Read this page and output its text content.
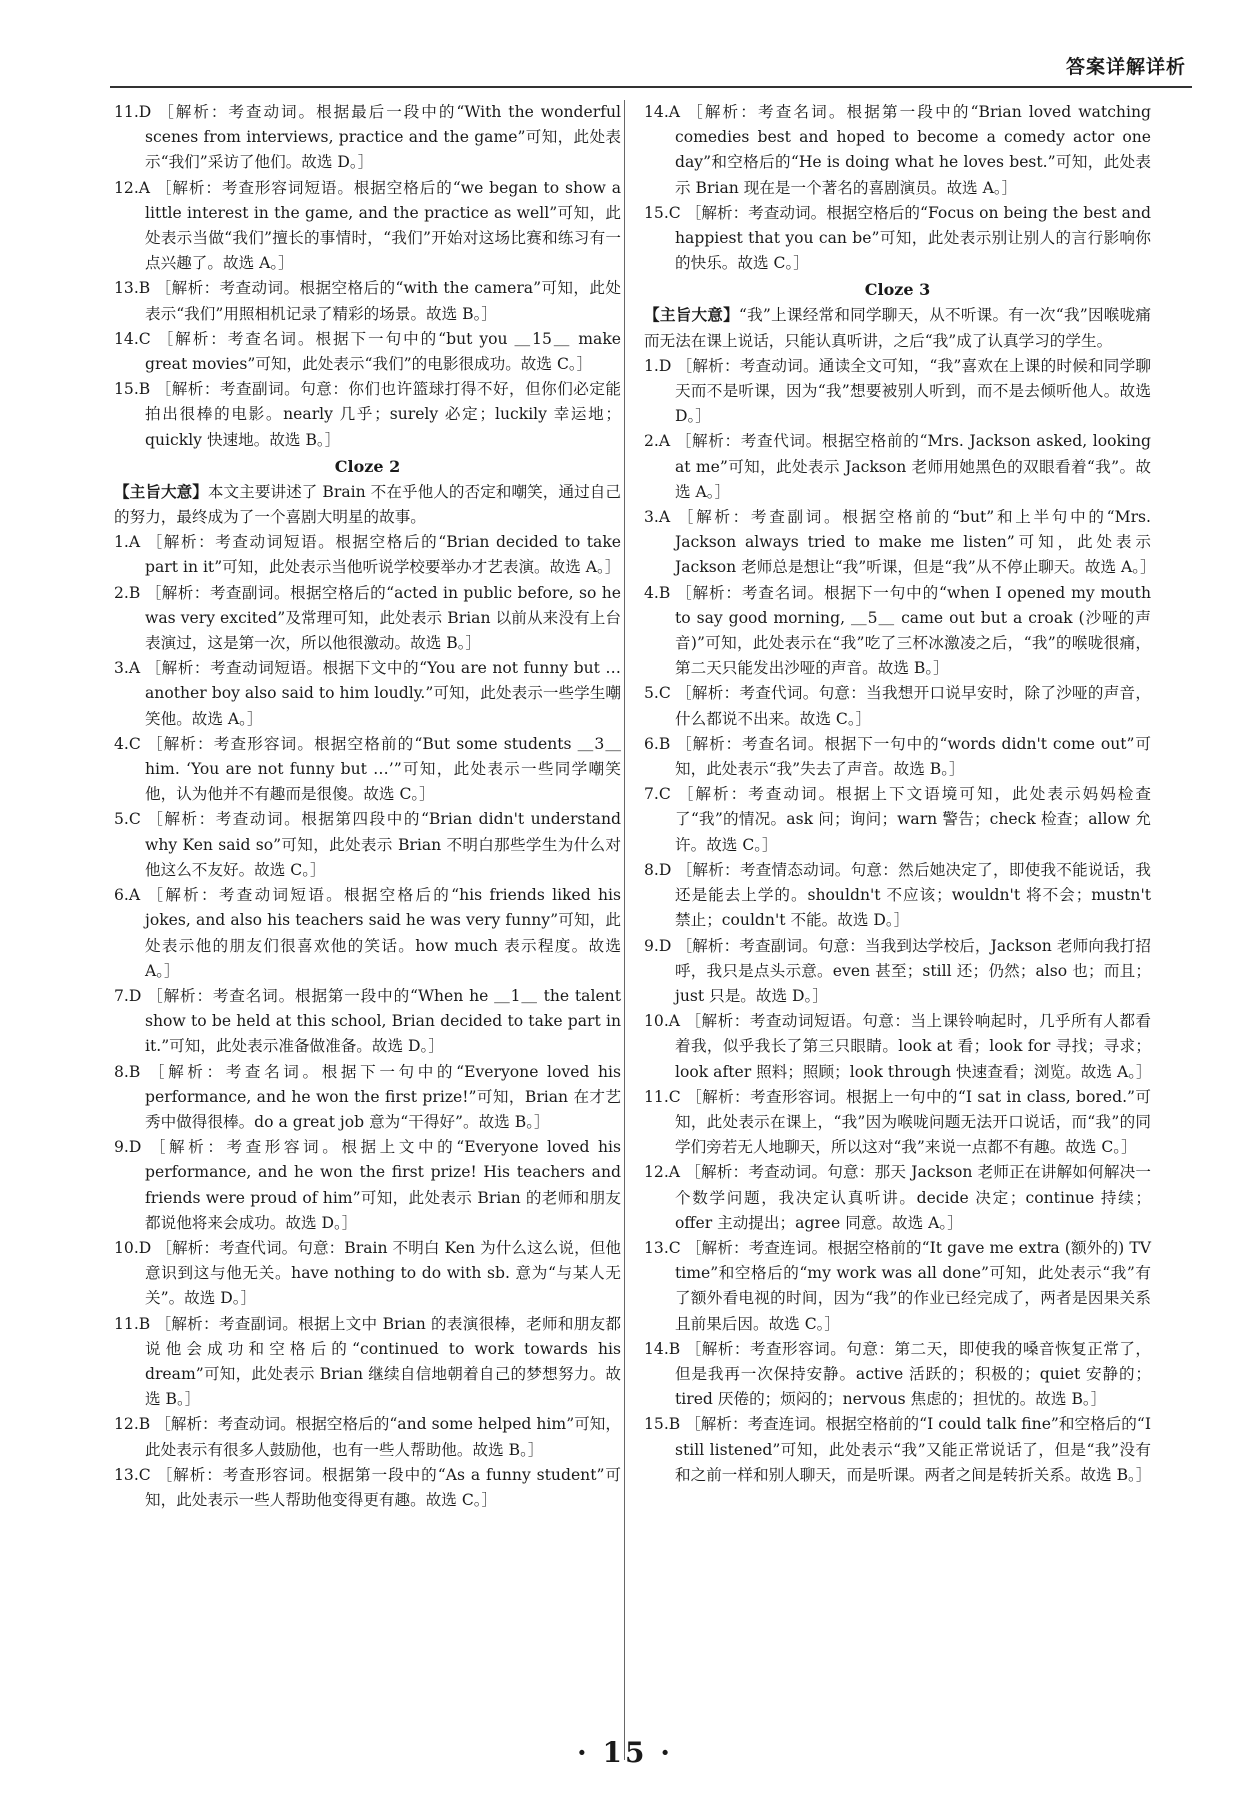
答案详解详析

11.D ［解析：考查动词。根据最后一段中的“With the wonderful scenes from interviews, practice and the game”可知，此处表示“我们”采访了他们。故选 D。］

12.A ［解析：考查形容词短语。根据空格后的“we began to show a little interest in the game, and the practice as well”可知，此处表示当做“我们”擅长的事情时，“我们”开始对这场比赛和练习有一点兴趣了。故选 A。］

13.B ［解析：考查动词。根据空格后的“with the camera”可知，此处表示“我们”用照相机记录了精彩的场景。故选 B。］

14.C ［解析：考查名词。根据下一句中的“but you ＿15＿ make great movies”可知，此处表示“我们”的电影很成功。故选 C。］

15.B ［解析：考查副词。句意：你们也许篮球打得不好，但你们必定能拍出很棒的电影。nearly 几乎；surely 必定；luckily 幸运地；quickly 快速地。故选 B。］

Cloze 2

【主旨大意】本文主要讲述了 Brain 不在乎他人的否定和嘲笑，通过自己的努力，最终成为了一个喜剧大明星的故事。

1.A ［解析：考查动词短语。根据空格后的“Brian decided to take part in it”可知，此处表示当他听说学校要举办才艺表演。故选 A。］

2.B ［解析：考查副词。根据空格后的“acted in public before, so he was very excited”及常理可知，此处表示 Brian 以前从来没有上台表演过，这是第一次，所以他很激动。故选 B。］

3.A ［解析：考查动词短语。根据下文中的“You are not funny but … another boy also said to him loudly.”可知，此处表示一些学生嘲笑他。故选 A。］

4.C ［解析：考查形容词。根据空格前的“But some students ＿3＿ him. ‘You are not funny but …’”可知，此处表示一些同学嘲笑他，认为他并不有趣而是很傻。故选 C。］

5.C ［解析：考查动词。根据第四段中的“Brian didn't understand why Ken said so”可知，此处表示 Brian 不明白那些学生为什么对他这么不友好。故选 C。］

6.A ［解析：考查动词短语。根据空格后的“his friends liked his jokes, and also his teachers said he was very funny”可知，此处表示他的朋友们很喜欢他的笑话。how much 表示程度。故选 A。］

7.D ［解析：考查名词。根据第一段中的“When he ＿1＿ the talent show to be held at this school, Brian decided to take part in it.”可知，此处表示准备做准备。故选 D。］

8.B ［解析：考查名词。根据下一句中的“Everyone loved his performance, and he won the first prize!”可知，Brian 在才艺秀中做得很棒。do a great job 意为“干得好”。故选 B。］

9.D ［解析：考查形容词。根据上文中的“Everyone loved his performance, and he won the first prize! His teachers and friends were proud of him”可知，此处表示 Brian 的老师和朋友都说他将来会成功。故选 D。］

10.D ［解析：考查代词。句意：Brain 不明白 Ken 为什么这么说，但他意识到这与他无关。have nothing to do with sb. 意为“与某人无关”。故选 D。］

11.B ［解析：考查副词。根据上文中 Brian 的表演很棒，老师和朋友都说他会成功和空格后的“continued to work towards his dream”可知，此处表示 Brian 继续自信地朝着自己的梦想努力。故选 B。］

12.B ［解析：考查动词。根据空格后的“and some helped him”可知，此处表示有很多人鼓励他，也有一些人帮助他。故选 B。］

13.C ［解析：考查形容词。根据第一段中的“As a funny student”可知，此处表示一些人帮助他变得更有趣。故选 C。］

14.A ［解析：考查名词。根据第一段中的“Brian loved watching comedies best and hoped to become a comedy actor one day”和空格后的“He is doing what he loves best.”可知，此处表示 Brian 现在是一个著名的喜剧演员。故选 A。］

15.C ［解析：考查动词。根据空格后的“Focus on being the best and happiest that you can be”可知，此处表示别让别人的言行影响你的快乐。故选 C。］

Cloze 3

【主旨大意】“我”上课经常和同学聊天，从不听课。有一次“我”因喉咙痛而无法在课上说话，只能认真听讲，之后“我”成了认真学习的学生。

1.D ［解析：考查动词。通读全文可知，“我”喜欢在上课的时候和同学聊天而不是听课，因为“我”想要被别人听到，而不是去倾听他人。故选 D。］

2.A ［解析：考查代词。根据空格前的“Mrs. Jackson asked, looking at me”可知，此处表示 Jackson 老师用她黑色的双眼看着“我”。故选 A。］

3.A ［解析：考查副词。根据空格前的“but”和上半句中的“Mrs. Jackson always tried to make me listen”可知，此处表示 Jackson 老师总是想让“我”听课，但是“我”从不停止聊天。故选 A。］

4.B ［解析：考查名词。根据下一句中的“when I opened my mouth to say good morning, ＿5＿ came out but a croak (沙哑的声音)”可知，此处表示在“我”吃了三杯冰激凌之后，“我”的喉咙很痛，第二天只能发出沙哑的声音。故选 B。］

5.C ［解析：考查代词。句意：当我想开口说早安时，除了沙哑的声音，什么都说不出来。故选 C。］

6.B ［解析：考查名词。根据下一句中的“words didn't come out”可知，此处表示“我”失去了声音。故选 B。］

7.C ［解析：考查动词。根据上下文语境可知，此处表示妈妈检查了“我”的情况。ask 问；询问；warn 警告；check 检查；allow 允许。故选 C。］

8.D ［解析：考查情态动词。句意：然后她决定了，即使我不能说话，我还是能去上学的。shouldn't 不应该；wouldn't 将不会；mustn't 禁止；couldn't 不能。故选 D。］

9.D ［解析：考查副词。句意：当我到达学校后，Jackson 老师向我打招呼，我只是点头示意。even 甚至；still 还；仍然；also 也；而且；just 只是。故选 D。］

10.A ［解析：考查动词短语。句意：当上课铃响起时，几乎所有人都看着我，似乎我长了第三只眼睛。look at 看；look for 寻找；寻求；look after 照料；照顾；look through 快速查看；浏览。故选 A。］

11.C ［解析：考查形容词。根据上一句中的“I sat in class, bored.”可知，此处表示在课上，“我”因为喉咙问题无法开口说话，而“我”的同学们旁若无人地聊天，所以这对“我”来说一点都不有趣。故选 C。］

12.A ［解析：考查动词。句意：那天 Jackson 老师正在讲解如何解决一个数学问题，我决定认真听讲。decide 决定；continue 持续；offer 主动提出；agree 同意。故选 A。］

13.C ［解析：考查连词。根据空格前的“It gave me extra (额外的) TV time”和空格后的“my work was all done”可知，此处表示“我”有了额外看电视的时间，因为“我”的作业已经完成了，两者是因果关系且前果后因。故选 C。］

14.B ［解析：考查形容词。句意：第二天，即使我的嗓音恢复正常了，但是我再一次保持安静。active 活跃的；积极的；quiet 安静的；tired 厌倦的；烦闷的；nervous 焦虑的；担忧的。故选 B。］

15.B ［解析：考查连词。根据空格前的“I could talk fine”和空格后的“I still listened”可知，此处表示“我”又能正常说话了，但是“我”没有和之前一样和别人聊天，而是听课。两者之间是转折关系。故选 B。］

· 15 ·
